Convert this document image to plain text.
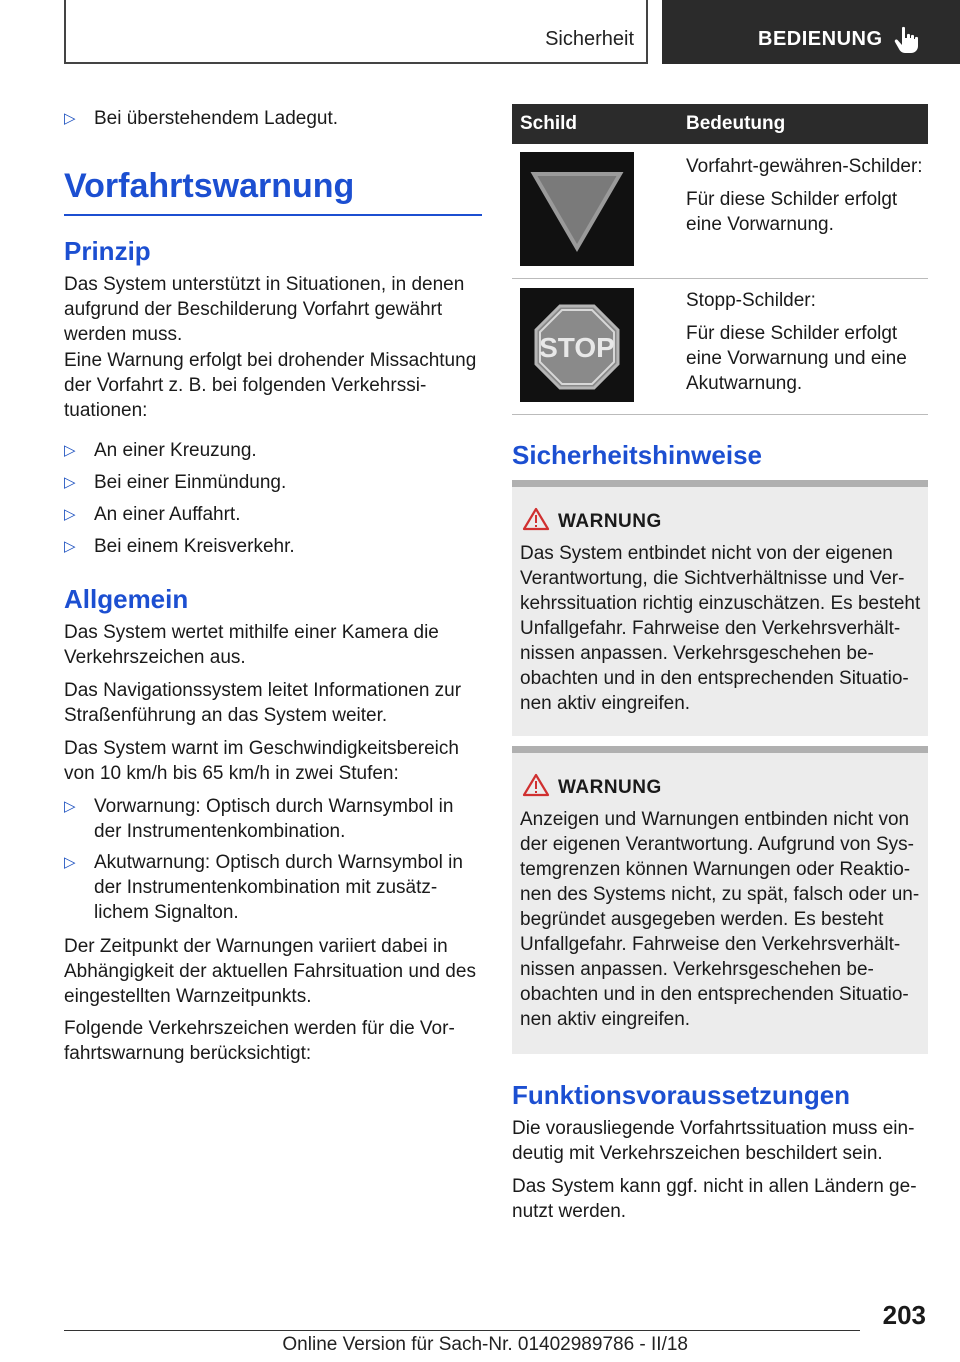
Sicherheit	BEDIENUNG
▷ Bei überstehendem Ladegut.
Vorfahrtswarnung
Prinzip

Das System unterstützt in Situationen, in denen aufgrund der Beschilderung Vorfahrt gewährt werden muss.

Eine Warnung erfolgt bei drohender Missachtung der Vorfahrt z. B. bei folgenden Verkehrssituationen:

▷ An einer Kreuzung.
▷ Bei einer Einmündung.
▷ An einer Auffahrt.
▷ Bei einem Kreisverkehr.
Allgemein

Das System wertet mithilfe einer Kamera die Verkehrszeichen aus.

Das Navigationssystem leitet Informationen zur Straßenführung an das System weiter.

Das System warnt im Geschwindigkeitsbereich von 10 km/h bis 65 km/h in zwei Stufen:

▷ Vorwarnung: Optisch durch Warnsymbol in der Instrumentenkombination.
▷ Akutwarnung: Optisch durch Warnsymbol in der Instrumentenkombination mit zusätzlichem Signalton.

Der Zeitpunkt der Warnungen variiert dabei in Abhängigkeit der aktuellen Fahrsituation und des eingestellten Warnzeitpunkts.

Folgende Verkehrszeichen werden für die Vorfahrtswarnung berücksichtigt:

Schild	Bedeutung

Vorfahrt-gewähren-Schilder:

Für diese Schilder erfolgt eine Vorwarnung.

STOP

Stopp-Schilder:

Für diese Schilder erfolgt eine Vorwarnung und eine Akutwarnung.

Sicherheitshinweise
WARNUNG
Das System entbindet nicht von der eigenen Verantwortung, die Sichtverhältnisse und Verkehrssituation richtig einzuschätzen. Es besteht Unfallgefahr. Fahrweise den Verkehrsverhältnissen anpassen. Verkehrsgeschehen beobachten und in den entsprechenden Situationen aktiv eingreifen.
WARNUNG
Anzeigen und Warnungen entbinden nicht von der eigenen Verantwortung. Aufgrund von Systemgrenzen können Warnungen oder Reaktionen des Systems nicht, zu spät, falsch oder unbegründet ausgegeben werden. Es besteht Unfallgefahr. Fahrweise den Verkehrsverhältnissen anpassen. Verkehrsgeschehen beobachten und in den entsprechenden Situationen aktiv eingreifen.
Funktionsvoraussetzungen

Die vorausliegende Vorfahrtssituation muss eindeutig mit Verkehrszeichen beschildert sein.

Das System kann ggf. nicht in allen Ländern genutzt werden.

203
Online Version für Sach-Nr. 01402989786 - II/18
